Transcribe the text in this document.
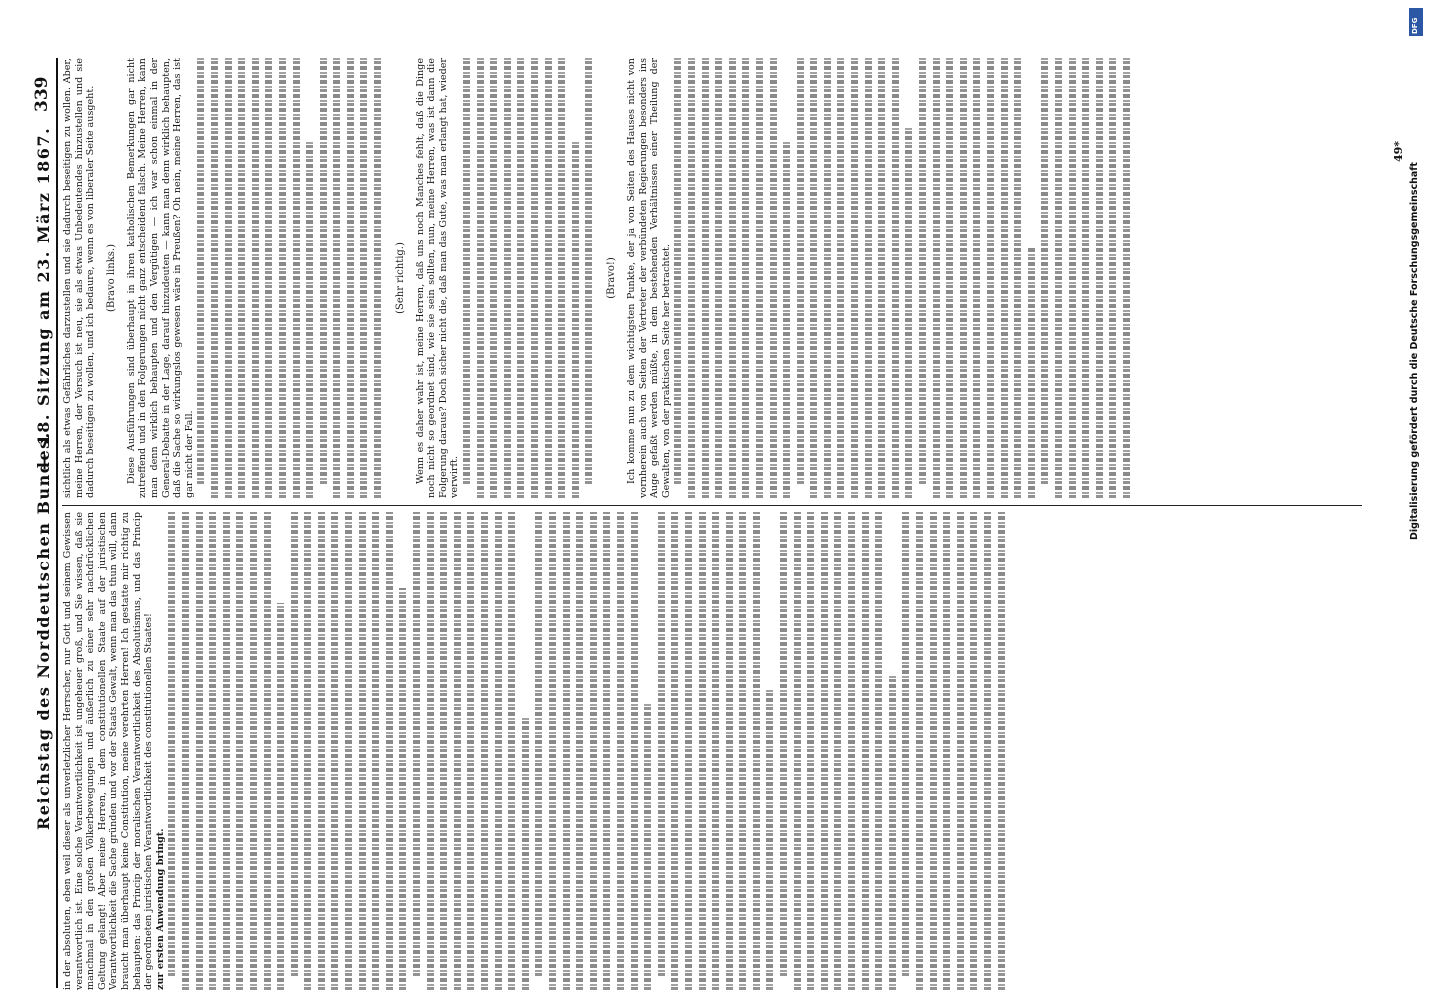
Reichstag des Norddeutschen Bundes.
— 18. Sitzung am 23. März 1867.
339

in der absoluten, eben weil dieser als unverletzlicher Herrscher, nur Gott und seinem Gewissen verantwortlich ist. Eine solche Verantwortlichkeit ist ungeheuer groß, und Sie wissen, daß sie manchmal in den großen Völkerbewegungen und äußerlich zu einer sehr nachdrücklichen Geltung gelangt! Aber meine Herren, in dem constitutionellen Staate auf der juristischen Verantwortlichkeit die Sache gründen und vor der Staats Gewalt, wenn man das thun will, dann braucht man überhaupt keine Constitution, meine verehrten Herren! Ich gestatte mir richtig zu behaupten: das Princip der moralischen Verantwortlichkeit des Absolutismus, und das Princip der geordneten juristischen Verantwortlichkeit des constitutionellen Staates! zur ersten Anwendung bringt.

sichtlich als etwas Gefährliches darzustellen und sie dadurch beseitigen zu wollen. Aber, meine Herren, der Versuch ist neu, sie als etwas Unbedeutendes hinzustellen und sie dadurch beseitigen zu wollen, und ich bedaure, wenn es von liberaler Seite ausgeht. (Bravo links.) Diese Ausführungen sind überhaupt in ihren katholischen Bemerkungen gar nicht zutreffend und in den Folgerungen nicht ganz entscheidend falsch. Meine Herren, kann man denn wirklich behaupten und den Vergütigen — ich war schon einmal in der General-Debatte in der Lage, darauf hinzudeuten — kann man denn wirklich behaupten, daß die Sache so wirkungslos gewesen wäre in Preußen? Oh nein, meine Herren, das ist gar nicht der Fall.

(Sehr richtig.) Wenn es daher wahr ist, meine Herren, daß uns noch Manches fehlt, daß die Dinge noch nicht so geordnet sind, wie sie sein sollten, nun, meine Herren, was ist dann die Folgerung daraus? Doch sicher nicht die, daß man das Gute, was man erlangt hat, wieder verwirft.

(Bravo!) Ich komme nun zu dem wichtigsten Punkte, der ja von Seiten des Hauses nicht von vornherein auch von Seiten der Vertreter der verbündeten Regierungen besonders ins Auge gefaßt werden müßte, in dem bestehenden Verhältnissen einer Theilung der Gewalten, von der praktischen Seite her betrachtet.

49*
Digitalisierung gefördert durch die Deutsche Forschungsgemeinschaft
DFG
